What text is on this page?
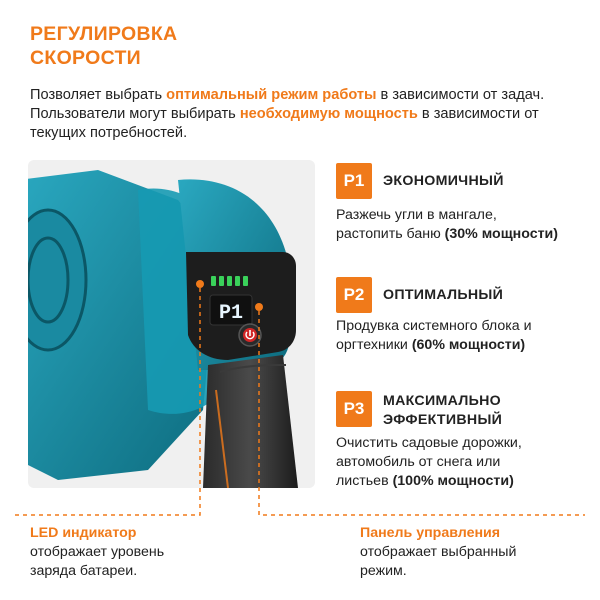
РЕГУЛИРОВКА
СКОРОСТИ

Позволяет выбрать оптимальный режим работы в зависимости от задач. Пользователи могут выбирать необходимую мощность в зависимости от текущих потребностей.

P1
P1	ЭКОНОМИЧНЫЙ
Разжечь угли в мангале,
растопить баню (30% мощности)
P2	ОПТИМАЛЬНЫЙ
Продувка системного блока и
оргтехники (60% мощности)
P3	МАКСИМАЛЬНО
ЭФФЕКТИВНЫЙ
Очистить садовые дорожки,
автомобиль от снега или
листьев (100% мощности)
LED индикатор
отображает уровень
заряда батареи.
Панель управления
отображает выбранный
режим.
